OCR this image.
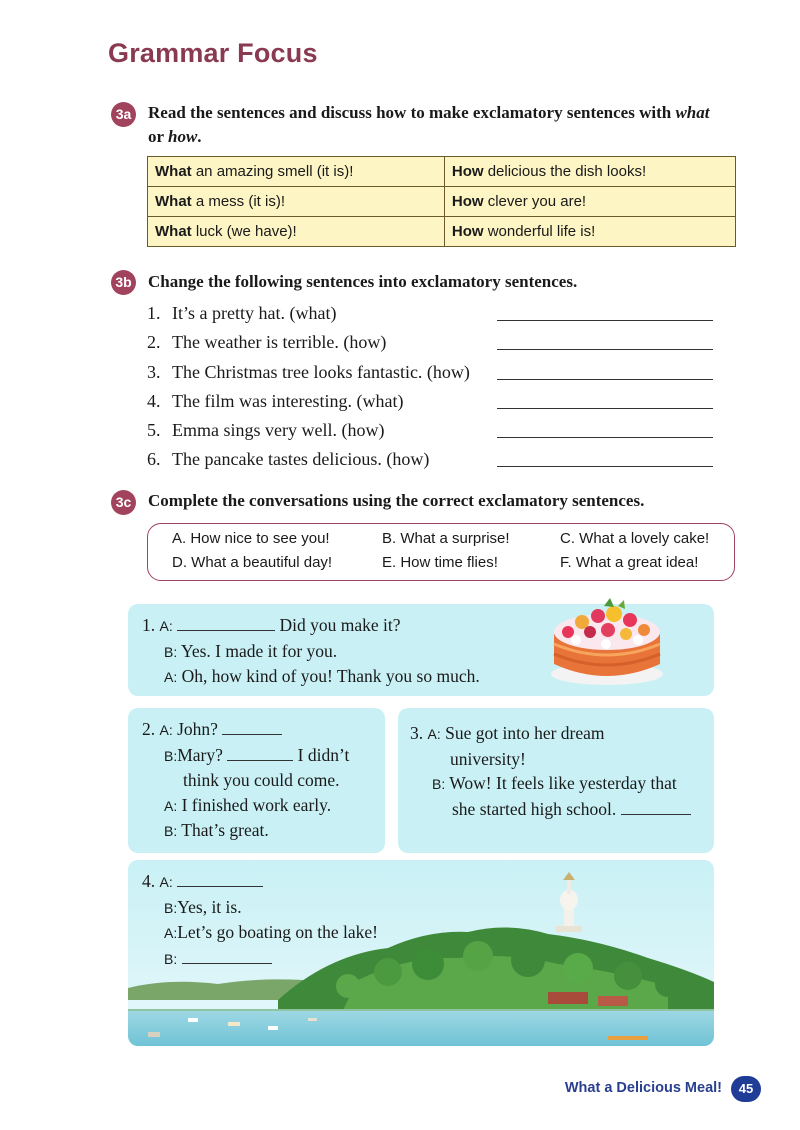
Grammar Focus
3a Read the sentences and discuss how to make exclamatory sentences with what
or how.
What an amazing smell (it is)!	How delicious the dish looks!
What a mess (it is)!	How clever you are!
What luck (we have)!	How wonderful life is!
3b Change the following sentences into exclamatory sentences.
1. It’s a pretty hat. (what)
2. The weather is terrible. (how)
3. The Christmas tree looks fantastic. (how)
4. The film was interesting. (what)
5. Emma sings very well. (how)
6. The pancake tastes delicious. (how)
3c Complete the conversations using the correct exclamatory sentences.
A. How nice to see you!	B. What a surprise!	C. What a lovely cake!
D. What a beautiful day!	E. How time flies!	F. What a great idea!
1. A:	Did you make it?
B: Yes. I made it for you.
A: Oh, how kind of you! Thank you so much.
2. A: John?
B:Mary?	I didn’t
think you could come.
A: I finished work early.
B: That’s great.
3. A: Sue got into her dream
university!
B: Wow! It feels like yesterday that
she started high school.
4. A:
B:Yes, it is.
A:Let’s go boating on the lake!
B:
What a Delicious Meal!	45
